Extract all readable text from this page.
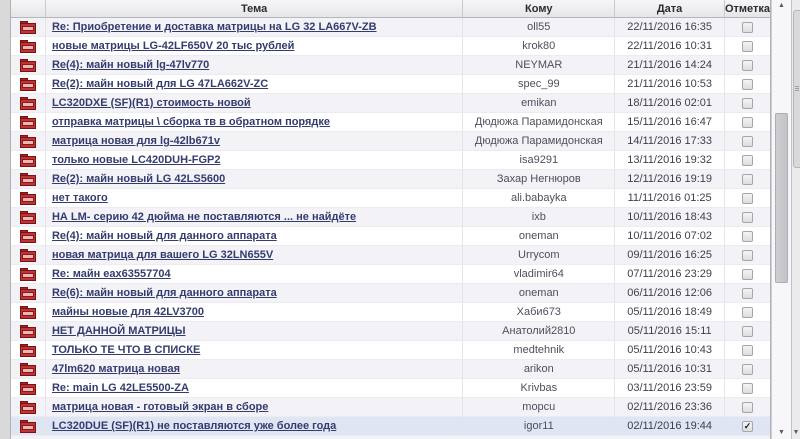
Тема	Кому	Дата	Отметка
Re: Приобретение и доставка матрицы на LG 32 LA667V-ZB	oll55	22/11/2016 16:35
новые матрицы LG-42LF650V 20 тыс рублей	krok80	22/11/2016 10:31
Re(4): майн новый lg-47lv770	NEYMAR	21/11/2016 14:24
Re(2): майн новый для LG 47LA662V-ZC	spec_99	21/11/2016 10:53
LC320DXE (SF)(R1) стоимость новой	emikan	18/11/2016 02:01
отправка матрицы \ сборка тв в обратном порядке	Дюдюжа Парамидонская	15/11/2016 16:47
матрица новая для lg-42lb671v	Дюдюжа Парамидонская	14/11/2016 17:33
только новые LC420DUH-FGP2	isa9291	13/11/2016 19:32
Re(2): майн новый LG 42LS5600	Захар Негнюров	12/11/2016 19:19
нет такого	ali.babayka	11/11/2016 01:25
НА LM- серию 42 дюйма не поставляются ... не найдёте	ixb	10/11/2016 18:43
Re(4): майн новый для данного аппарата	oneman	10/11/2016 07:02
новая матрица для вашего LG 32LN655V	Urrycom	09/11/2016 16:25
Re: майн eax63557704	vladimir64	07/11/2016 23:29
Re(6): майн новый для данного аппарата	oneman	06/11/2016 12:06
майны новые для 42LV3700	Хаби673	05/11/2016 18:49
НЕТ ДАННОЙ МАТРИЦЫ	Анатолий2810	05/11/2016 15:11
ТОЛЬКО ТЕ ЧТО В СПИСКЕ	medtehnik	05/11/2016 10:43
47lm620 матрица новая	arikon	05/11/2016 10:31
Re: main LG 42LE5500-ZA	Krivbas	03/11/2016 23:59
матрица новая - готовый экран в сборе	mopcu	02/11/2016 23:36
LC320DUE (SF)(R1) не поставляются уже более года	igor11	02/11/2016 19:44	✓
▲
▼	▼
